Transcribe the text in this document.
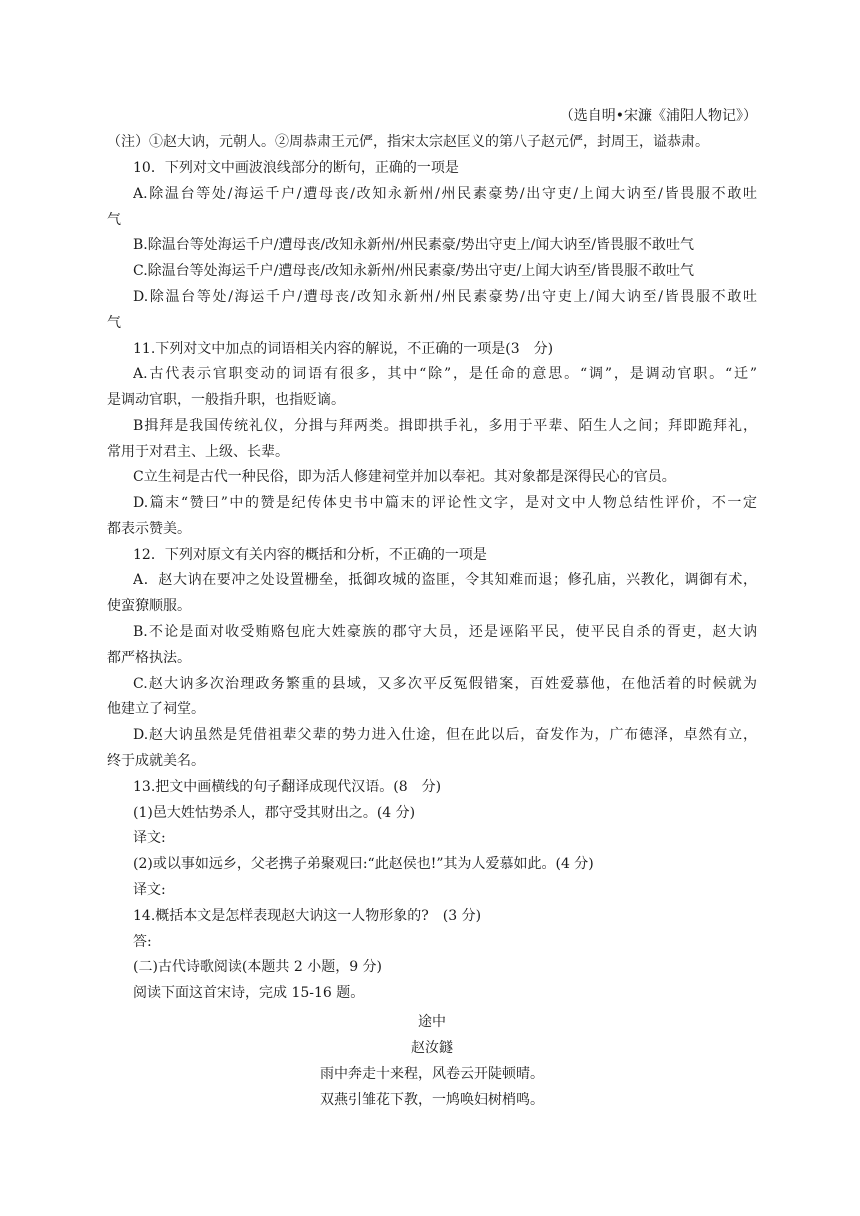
（选自明•宋濂《浦阳人物记》）
（注）①赵大讷，元朝人。②周恭肃王元俨，指宋太宗赵匡义的第八子赵元俨，封周王，谥恭肃。
10．下列对文中画波浪线部分的断句，正确的一项是
A.除温台等处/海运千户/遭母丧/改知永新州/州民素豪势/出守吏/上闻大讷至/皆畏服不敢吐
气
B.除温台等处海运千户/遭母丧/改知永新州/州民素豪/势出守吏上/闻大讷至/皆畏服不敢吐气
C.除温台等处海运千户/遭母丧/改知永新州/州民素豪/势出守吏/上闻大讷至/皆畏服不敢吐气
D.除温台等处/海运千户/遭母丧/改知永新州/州民素豪势/出守吏上/闻大讷至/皆畏服不敢吐
气
11.下列对文中加点的词语相关内容的解说，不正确的一项是(3　分)
A.古代表示官职变动的词语有很多，其中“除”，是任命的意思。“调”，是调动官职。“迁”
是调动官职，一般指升职，也指贬谪。
B揖拜是我国传统礼仪，分揖与拜两类。揖即拱手礼，多用于平辈、陌生人之间；拜即跪拜礼，
常用于对君主、上级、长辈。
C立生祠是古代一种民俗，即为活人修建祠堂并加以奉祀。其对象都是深得民心的官员。
D.篇末“赞曰”中的赞是纪传体史书中篇末的评论性文字，是对文中人物总结性评价，不一定
都表示赞美。
12．下列对原文有关内容的概括和分析，不正确的一项是
A．赵大讷在要冲之处设置栅垒，抵御攻城的盗匪，令其知难而退；修孔庙，兴教化，调御有术，
使蛮獠顺服。
B.不论是面对收受贿赂包庇大姓豪族的郡守大员，还是诬陷平民，使平民自杀的胥吏，赵大讷
都严格执法。
C.赵大讷多次治理政务繁重的县域，又多次平反冤假错案，百姓爱慕他，在他活着的时候就为
他建立了祠堂。
D.赵大讷虽然是凭借祖辈父辈的势力进入仕途，但在此以后，奋发作为，广布德泽，卓然有立，
终于成就美名。
13.把文中画横线的句子翻译成现代汉语。(8　分)
(1)邑大姓怙势杀人，郡守受其财出之。(4 分)
译文:
(2)或以事如远乡，父老携子弟聚观曰:“此赵侯也!”其为人爱慕如此。(4 分)
译文:
14.概括本文是怎样表现赵大讷这一人物形象的?　(3 分)
答:
(二)古代诗歌阅读(本题共 2 小题，9 分)
阅读下面这首宋诗，完成 15-16 题。
途中
赵汝鐩
雨中奔走十来程，风卷云开陡顿晴。
双燕引雏花下教，一鸠唤妇树梢鸣。
